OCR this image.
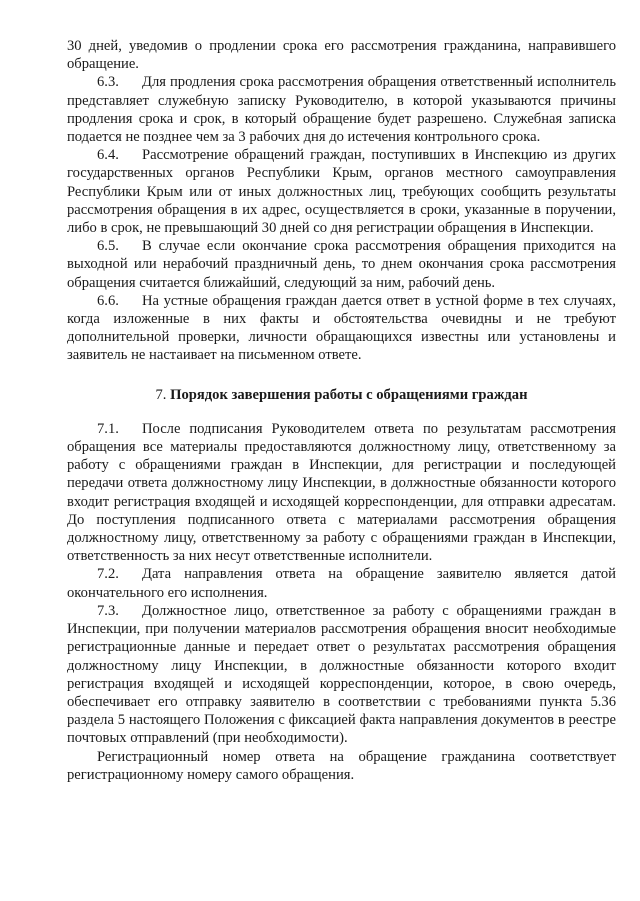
30 дней, уведомив о продлении срока его рассмотрения гражданина, направившего обращение.

6.3. Для продления срока рассмотрения обращения ответственный исполнитель представляет служебную записку Руководителю, в которой указываются причины продления срока и срок, в который обращение будет разрешено. Служебная записка подается не позднее чем за 3 рабочих дня до истечения контрольного срока.

6.4. Рассмотрение обращений граждан, поступивших в Инспекцию из других государственных органов Республики Крым, органов местного самоуправления Республики Крым или от иных должностных лиц, требующих сообщить результаты рассмотрения обращения в их адрес, осуществляется в сроки, указанные в поручении, либо в срок, не превышающий 30 дней со дня регистрации обращения в Инспекции.

6.5. В случае если окончание срока рассмотрения обращения приходится на выходной или нерабочий праздничный день, то днем окончания срока рассмотрения обращения считается ближайший, следующий за ним, рабочий день.

6.6. На устные обращения граждан дается ответ в устной форме в тех случаях, когда изложенные в них факты и обстоятельства очевидны и не требуют дополнительной проверки, личности обращающихся известны или установлены и заявитель не настаивает на письменном ответе.

7. Порядок завершения работы с обращениями граждан

7.1. После подписания Руководителем ответа по результатам рассмотрения обращения все материалы предоставляются должностному лицу, ответственному за работу с обращениями граждан в Инспекции, для регистрации и последующей передачи ответа должностному лицу Инспекции, в должностные обязанности которого входит регистрация входящей и исходящей корреспонденции, для отправки адресатам. До поступления подписанного ответа с материалами рассмотрения обращения должностному лицу, ответственному за работу с обращениями граждан в Инспекции, ответственность за них несут ответственные исполнители.

7.2. Дата направления ответа на обращение заявителю является датой окончательного его исполнения.

7.3. Должностное лицо, ответственное за работу с обращениями граждан в Инспекции, при получении материалов рассмотрения обращения вносит необходимые регистрационные данные и передает ответ о результатах рассмотрения обращения должностному лицу Инспекции, в должностные обязанности которого входит регистрация входящей и исходящей корреспонденции, которое, в свою очередь, обеспечивает его отправку заявителю в соответствии с требованиями пункта 5.36 раздела 5 настоящего Положения с фиксацией факта направления документов в реестре почтовых отправлений (при необходимости).

Регистрационный номер ответа на обращение гражданина соответствует регистрационному номеру самого обращения.
